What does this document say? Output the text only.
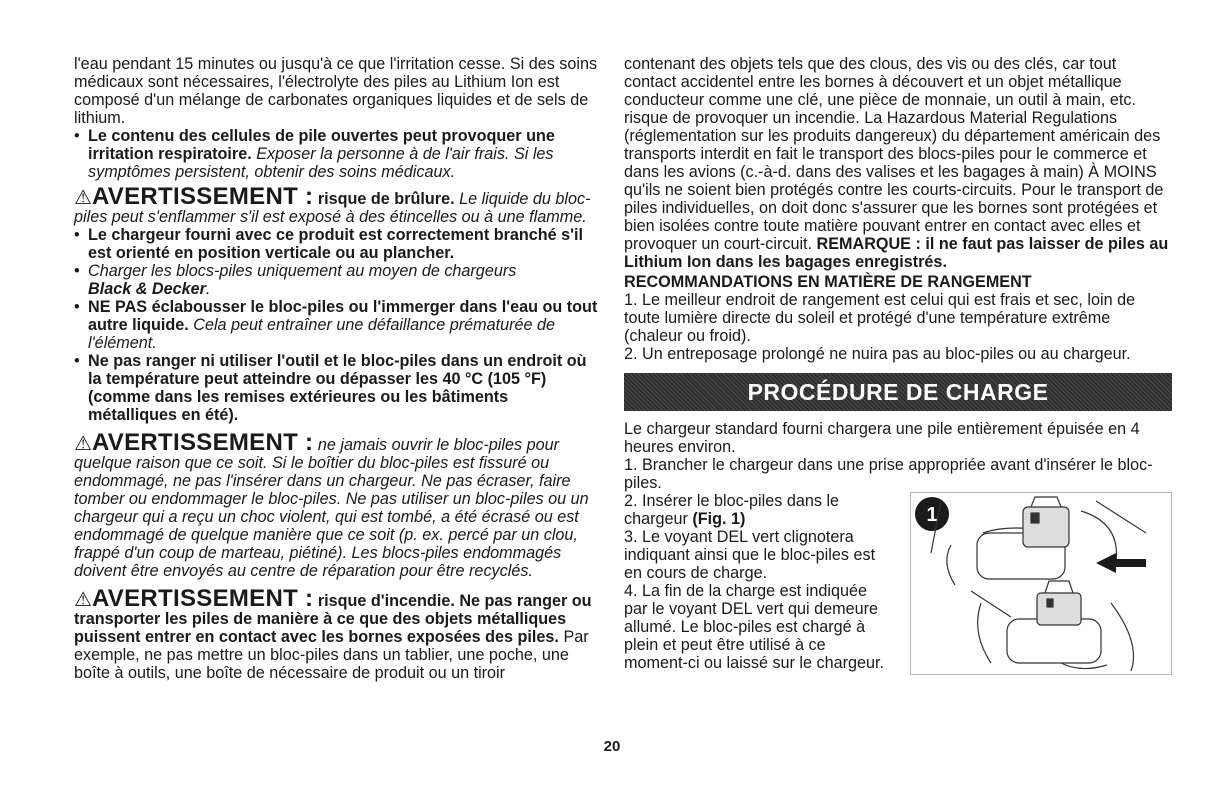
l'eau pendant 15 minutes ou jusqu'à ce que l'irritation cesse. Si des soins médicaux sont nécessaires, l'électrolyte des piles au Lithium Ion est composé d'un mélange de carbonates organiques liquides et de sels de lithium.

• Le contenu des cellules de pile ouvertes peut provoquer une irritation respiratoire. Exposer la personne à de l'air frais. Si les symptômes persistent, obtenir des soins médicaux.

⚠AVERTISSEMENT : risque de brûlure. Le liquide du bloc-piles peut s'enflammer s'il est exposé à des étincelles ou à une flamme.

• Le chargeur fourni avec ce produit est correctement branché s'il est orienté en position verticale ou au plancher.

• Charger les blocs-piles uniquement au moyen de chargeurs
Black & Decker.

• NE PAS éclabousser le bloc-piles ou l'immerger dans l'eau ou tout autre liquide. Cela peut entraîner une défaillance prématurée de l'élément.

• Ne pas ranger ni utiliser l'outil et le bloc-piles dans un endroit où la température peut atteindre ou dépasser les 40 °C (105 °F) (comme dans les remises extérieures ou les bâtiments métalliques en été).

⚠AVERTISSEMENT : ne jamais ouvrir le bloc-piles pour quelque raison que ce soit. Si le boîtier du bloc-piles est fissuré ou endommagé, ne pas l'insérer dans un chargeur. Ne pas écraser, faire tomber ou endommager le bloc-piles. Ne pas utiliser un bloc-piles ou un chargeur qui a reçu un choc violent, qui est tombé, a été écrasé ou est endommagé de quelque manière que ce soit (p. ex. percé par un clou, frappé d'un coup de marteau, piétiné). Les blocs-piles endommagés doivent être envoyés au centre de réparation pour être recyclés.

⚠AVERTISSEMENT : risque d'incendie. Ne pas ranger ou transporter les piles de manière à ce que des objets métalliques puissent entrer en contact avec les bornes exposées des piles. Par exemple, ne pas mettre un bloc-piles dans un tablier, une poche, une boîte à outils, une boîte de nécessaire de produit ou un tiroir

contenant des objets tels que des clous, des vis ou des clés, car tout contact accidentel entre les bornes à découvert et un objet métallique conducteur comme une clé, une pièce de monnaie, un outil à main, etc. risque de provoquer un incendie. La Hazardous Material Regulations (réglementation sur les produits dangereux) du département américain des transports interdit en fait le transport des blocs-piles pour le commerce et dans les avions (c.-à-d. dans des valises et les bagages à main) À MOINS qu'ils ne soient bien protégés contre les courts-circuits. Pour le transport de piles individuelles, on doit donc s'assurer que les bornes sont protégées et bien isolées contre toute matière pouvant entrer en contact avec elles et provoquer un court-circuit. REMARQUE : il ne faut pas laisser de piles au Lithium Ion dans les bagages enregistrés.

RECOMMANDATIONS EN MATIÈRE DE RANGEMENT

1. Le meilleur endroit de rangement est celui qui est frais et sec, loin de toute lumière directe du soleil et protégé d'une température extrême (chaleur ou froid).

2. Un entreposage prolongé ne nuira pas au bloc-piles ou au chargeur.

PROCÉDURE DE CHARGE

Le chargeur standard fourni chargera une pile entièrement épuisée en 4 heures environ.

1. Brancher le chargeur dans une prise appropriée avant d'insérer le bloc-piles.

2. Insérer le bloc-piles dans le chargeur (Fig. 1)

3. Le voyant DEL vert clignotera indiquant ainsi que le bloc-piles est en cours de charge.

4. La fin de la charge est indiquée par le voyant DEL vert qui demeure allumé. Le bloc-piles est chargé à plein et peut être utilisé à ce moment-ci ou laissé sur le chargeur.

1
20
